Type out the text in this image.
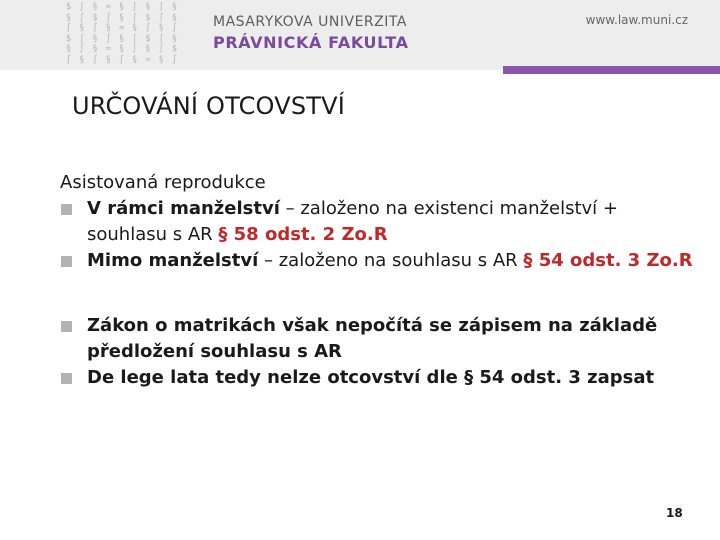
$ ∫ § ≈ § ∫ § ∫ §
§ ∫ $ ∫ § ∫ $ ∫ §
∫ § ∫ § ≈ § ∫ § ∫
$ ∫ § ∫ § ∫ $ ∫ §
§ ∫ § ≈ § ∫ § ∫ $
∫ § ∫ § ∫ § ≈ § ∫
MASARYKOVA UNIVERZITA
PRÁVNICKÁ FAKULTA
www.law.muni.cz
URČOVÁNÍ OTCOVSTVÍ

Asistovaná reprodukce

V rámci manželství – založeno na existenci manželství + souhlasu s AR § 58 odst. 2 Zo.R
Mimo manželství – založeno na souhlasu s AR § 54 odst. 3 Zo.R
Zákon o matrikách však nepočítá se zápisem na základě předložení souhlasu s AR
De lege lata tedy nelze otcovství dle § 54 odst. 3 zapsat
18
